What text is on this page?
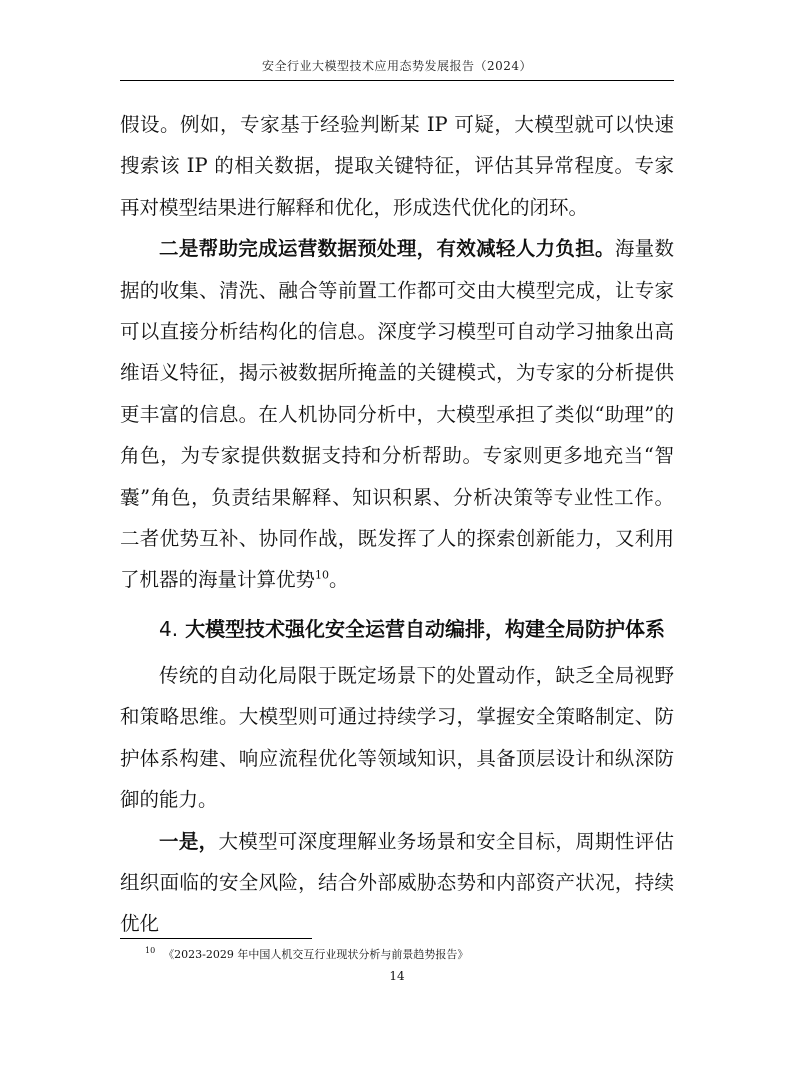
安全行业大模型技术应用态势发展报告（2024）

假设。例如，专家基于经验判断某 IP 可疑，大模型就可以快速搜索该 IP 的相关数据，提取关键特征，评估其异常程度。专家再对模型结果进行解释和优化，形成迭代优化的闭环。

二是帮助完成运营数据预处理，有效减轻人力负担。海量数据的收集、清洗、融合等前置工作都可交由大模型完成，让专家可以直接分析结构化的信息。深度学习模型可自动学习抽象出高维语义特征，揭示被数据所掩盖的关键模式，为专家的分析提供更丰富的信息。在人机协同分析中，大模型承担了类似“助理”的角色，为专家提供数据支持和分析帮助。专家则更多地充当“智囊”角色，负责结果解释、知识积累、分析决策等专业性工作。二者优势互补、协同作战，既发挥了人的探索创新能力，又利用了机器的海量计算优势$^{10}$。

4. 大模型技术强化安全运营自动编排，构建全局防护体系

传统的自动化局限于既定场景下的处置动作，缺乏全局视野和策略思维。大模型则可通过持续学习，掌握安全策略制定、防护体系构建、响应流程优化等领域知识，具备顶层设计和纵深防御的能力。

一是，大模型可深度理解业务场景和安全目标，周期性评估组织面临的安全风险，结合外部威胁态势和内部资产状况，持续优化

$^{10}$ 《2023-2029 年中国人机交互行业现状分析与前景趋势报告》
14
